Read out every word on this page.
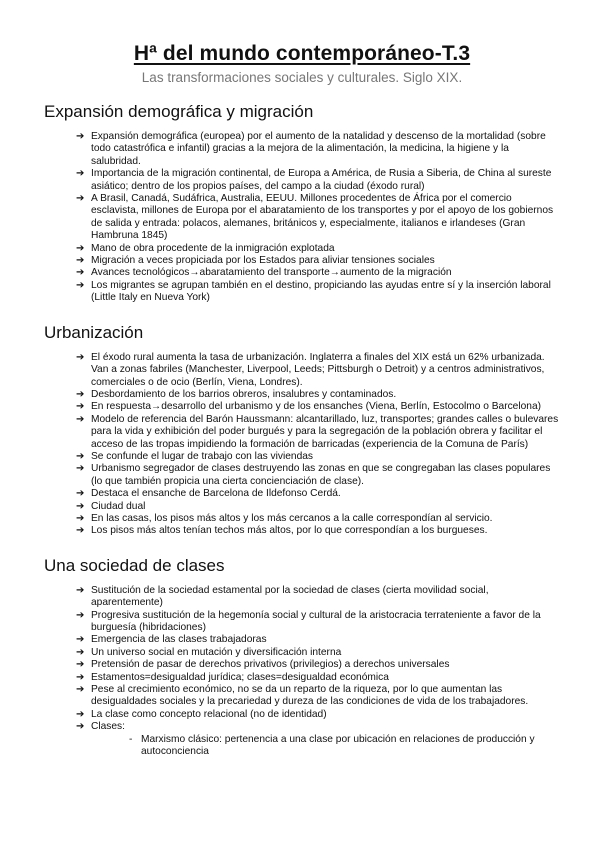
Hª del mundo contemporáneo-T.3
Las transformaciones sociales y culturales. Siglo XIX.
Expansión demográfica y migración
➔ Expansión demográfica (europea) por el aumento de la natalidad y descenso de la mortalidad (sobre todo catastrófica e infantil) gracias a la mejora de la alimentación, la medicina, la higiene y la salubridad.
➔ Importancia de la migración continental, de Europa a América, de Rusia a Siberia, de China al sureste asiático; dentro de los propios países, del campo a la ciudad (éxodo rural)
➔ A Brasil, Canadá, Sudáfrica, Australia, EEUU. Millones procedentes de África por el comercio esclavista, millones de Europa por el abaratamiento de los transportes y por el apoyo de los gobiernos de salida y entrada: polacos, alemanes, británicos y, especialmente, italianos e irlandeses (Gran Hambruna 1845)
➔ Mano de obra procedente de la inmigración explotada
➔ Migración a veces propiciada por los Estados para aliviar tensiones sociales
➔ Avances tecnológicos→abaratamiento del transporte→aumento de la migración
➔ Los migrantes se agrupan también en el destino, propiciando las ayudas entre sí y la inserción laboral (Little Italy en Nueva York)
Urbanización
➔ El éxodo rural aumenta la tasa de urbanización. Inglaterra a finales del XIX está un 62% urbanizada. Van a zonas fabriles (Manchester, Liverpool, Leeds; Pittsburgh o Detroit) y a centros administrativos, comerciales o de ocio (Berlín, Viena, Londres).
➔ Desbordamiento de los barrios obreros, insalubres y contaminados.
➔ En respuesta→desarrollo del urbanismo y de los ensanches (Viena, Berlín, Estocolmo o Barcelona)
➔ Modelo de referencia del Barón Haussmann: alcantarillado, luz, transportes; grandes calles o bulevares para la vida y exhibición del poder burgués y para la segregación de la población obrera y facilitar el acceso de las tropas impidiendo la formación de barricadas (experiencia de la Comuna de París)
➔ Se confunde el lugar de trabajo con las viviendas
➔ Urbanismo segregador de clases destruyendo las zonas en que se congregaban las clases populares (lo que también propicia una cierta concienciación de clase).
➔ Destaca el ensanche de Barcelona de Ildefonso Cerdá.
➔ Ciudad dual
➔ En las casas, los pisos más altos y los más cercanos a la calle correspondían al servicio.
➔ Los pisos más altos tenían techos más altos, por lo que correspondían a los burgueses.
Una sociedad de clases
➔ Sustitución de la sociedad estamental por la sociedad de clases (cierta movilidad social, aparentemente)
➔ Progresiva sustitución de la hegemonía social y cultural de la aristocracia terrateniente a favor de la burguesía (hibridaciones)
➔ Emergencia de las clases trabajadoras
➔ Un universo social en mutación y diversificación interna
➔ Pretensión de pasar de derechos privativos (privilegios) a derechos universales
➔ Estamentos=desigualdad jurídica; clases=desigualdad económica
➔ Pese al crecimiento económico, no se da un reparto de la riqueza, por lo que aumentan las desigualdades sociales y la precariedad y dureza de las condiciones de vida de los trabajadores.
➔ La clase como concepto relacional (no de identidad)
➔ Clases:
- Marxismo clásico: pertenencia a una clase por ubicación en relaciones de producción y autoconciencia
